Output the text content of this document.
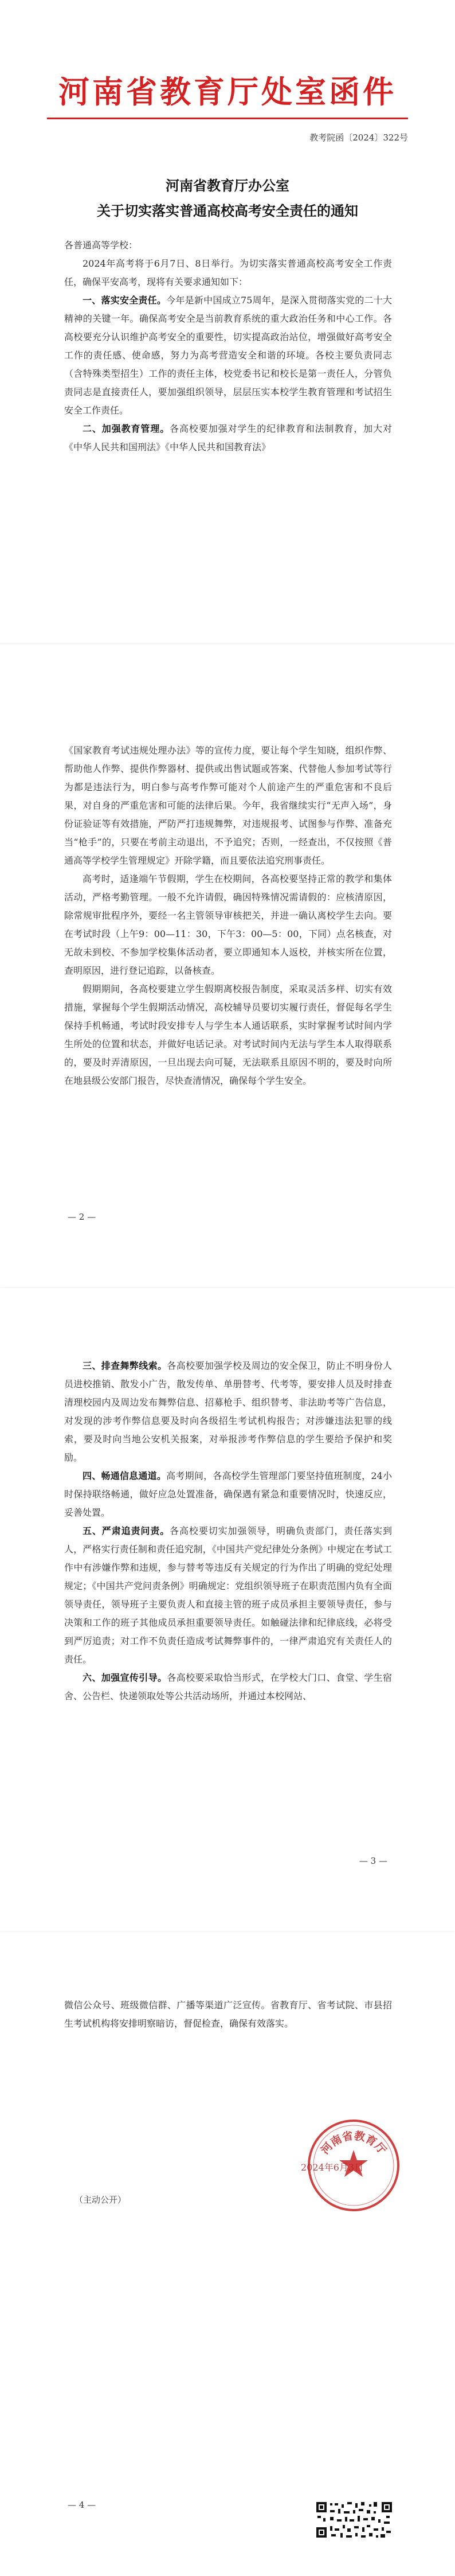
河南省教育厅处室函件
教考院函〔2024〕322号
河南省教育厅办公室
关于切实落实普通高校高考安全责任的通知

各普通高等学校：

2024年高考将于6月7日、8日举行。为切实落实普通高校高考安全工作责任，确保平安高考，现将有关要求通知如下：

一、落实安全责任。今年是新中国成立75周年，是深入贯彻落实党的二十大精神的关键一年。确保高考安全是当前教育系统的重大政治任务和中心工作。各高校要充分认识维护高考安全的重要性，切实提高政治站位，增强做好高考安全工作的责任感、使命感，努力为高考营造安全和谐的环境。各校主要负责同志（含特殊类型招生）工作的责任主体，校党委书记和校长是第一责任人，分管负责同志是直接责任人，要加强组织领导，层层压实本校学生教育管理和考试招生安全工作责任。

二、加强教育管理。各高校要加强对学生的纪律教育和法制教育，加大对《中华人民共和国刑法》《中华人民共和国教育法》

《国家教育考试违规处理办法》等的宣传力度，要让每个学生知晓，组织作弊、帮助他人作弊、提供作弊器材、提供或出售试题或答案、代替他人参加考试等行为都是违法行为，明白参与高考作弊可能对个人前途产生的严重危害和不良后果，对自身的严重危害和可能的法律后果。今年，我省继续实行“无声入场”，身份证验证等有效措施，严防严打违规舞弊，对违规报考、试图参与作弊、准备充当“枪手”的，只要在考前主动退出，不予追究；否则，一经查出，不仅按照《普通高等学校学生管理规定》开除学籍，而且要依法追究刑事责任。

高考时，适逢端午节假期，学生在校期间，各高校要坚持正常的教学和集体活动，严格考勤管理。一般不允许请假，确因特殊情况需请假的：应核清原因，除常规审批程序外，要经一名主管领导审核把关，并进一确认离校学生去向。要在考试时段（上午9：00—11：30，下午3：00—5：00，下同）点名核查，对无故未到校、不参加学校集体活动者，要立即通知本人返校，并核实所在位置，查明原因，进行登记追踪，以备核查。

假期期间，各高校要建立学生假期离校报告制度，采取灵活多样、切实有效措施，掌握每个学生假期活动情况，高校辅导员要切实履行责任，督促每名学生保持手机畅通，考试时段安排专人与学生本人通话联系，实时掌握考试时间内学生所处的位置和状态，并做好电话记录。对考试时间内无法与学生本人取得联系的，要及时弄清原因，一旦出现去向可疑，无法联系且原因不明的，要及时向所在地县级公安部门报告，尽快查清情况，确保每个学生安全。

— 2 —

三、排查舞弊线索。各高校要加强学校及周边的安全保卫，防止不明身份人员进校推销、散发小广告，散发传单、单册替考、代考等，要安排人员及时排查清理校园内及周边发布舞弊信息、招募枪手、组织替考、非法助考等广告信息，对发现的涉考作弊信息要及时向各级招生考试机构报告；对涉嫌违法犯罪的线索，要及时向当地公安机关报案，对举报涉考作弊信息的学生要给予保护和奖励。

四、畅通信息通道。高考期间，各高校学生管理部门要坚持值班制度，24小时保持联络畅通，做好应急处置准备，确保遇有紧急和重要情况时，快速反应，妥善处置。

五、严肃追责问责。各高校要切实加强领导，明确负责部门，责任落实到人，严格实行责任制和责任追究制，《中国共产党纪律处分条例》中规定在考试工作中有涉嫌作弊和违规，参与替考等违反有关规定的行为作出了明确的党纪处理规定；《中国共产党问责条例》明确规定：党组织领导班子在职责范围内负有全面领导责任，领导班子主要负责人和直接主管的班子成员承担主要领导责任，参与决策和工作的班子其他成员承担重要领导责任。如触碰法律和纪律底线，必将受到严厉追责；对工作不负责任造成考试舞弊事件的，一律严肃追究有关责任人的责任。

六、加强宣传引导。各高校要采取恰当形式，在学校大门口、食堂、学生宿舍、公告栏、快递领取处等公共活动场所，并通过本校网站、

— 3 —

微信公众号、班级微信群、广播等渠道广泛宣传。省教育厅、省考试院、市县招生考试机构将安排明察暗访，督促检查，确保有效落实。

河南省教育厅
2024年6月3日
（主动公开）
— 4 —
